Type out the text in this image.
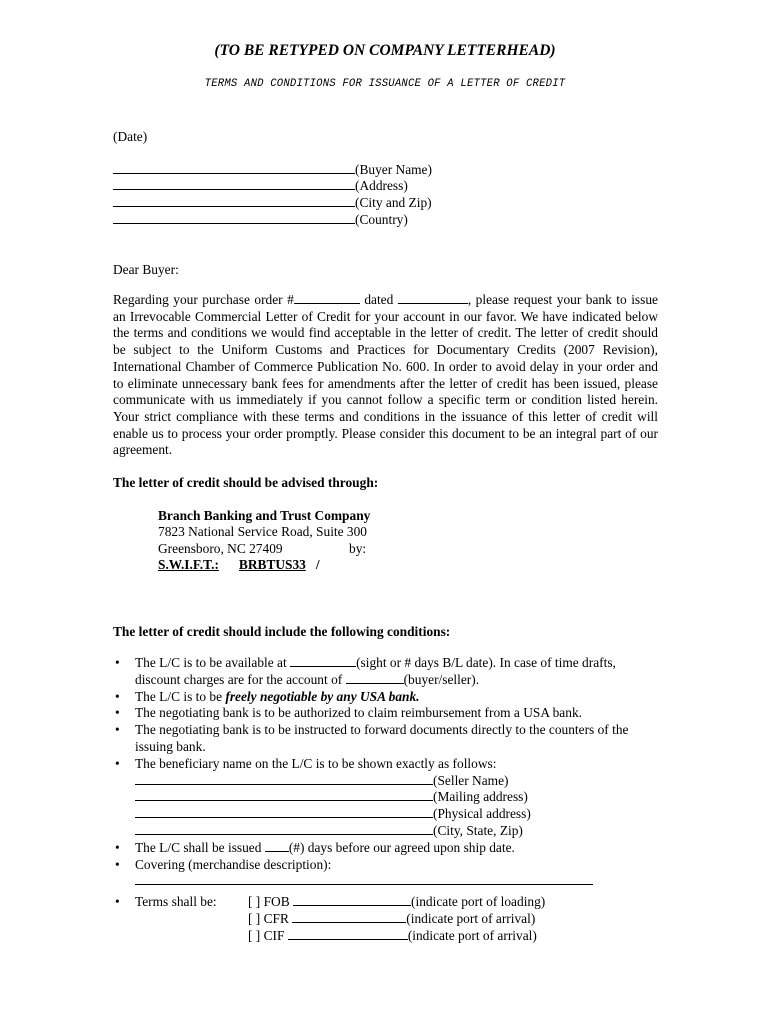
(TO BE RETYPED ON COMPANY LETTERHEAD)
TERMS AND CONDITIONS FOR ISSUANCE OF A LETTER OF CREDIT
(Date)
(Buyer Name)
(Address)
(City and Zip)
(Country)
Dear Buyer:
Regarding your purchase order #	dated	, please request your bank to issue an Irrevocable Commercial Letter of Credit for your account in our favor. We have indicated below the terms and conditions we would find acceptable in the letter of credit. The letter of credit should be subject to the Uniform Customs and Practices for Documentary Credits (2007 Revision), International Chamber of Commerce Publication No. 600. In order to avoid delay in your order and to eliminate unnecessary bank fees for amendments after the letter of credit has been issued, please communicate with us immediately if you cannot follow a specific term or condition listed herein. Your strict compliance with these terms and conditions in the issuance of this letter of credit will enable us to process your order promptly. Please consider this document to be an integral part of our agreement.
The letter of credit should be advised through:
Branch Banking and Trust Company
7823 National Service Road, Suite 300
Greensboro, NC 27409	by:
S.W.I.F.T.: BRBTUS33 /
The letter of credit should include the following conditions:
• The L/C is to be available at	(sight or # days B/L date). In case of time drafts, discount charges are for the account of	(buyer/seller).
• The L/C is to be freely negotiable by any USA bank.
• The negotiating bank is to be authorized to claim reimbursement from a USA bank.
• The negotiating bank is to be instructed to forward documents directly to the counters of the issuing bank.
• The beneficiary name on the L/C is to be shown exactly as follows:
(Seller Name)
(Mailing address)
(Physical address)
(City, State, Zip)
• The L/C shall be issued (#) days before our agreed upon ship date.
• Covering (merchandise description):
• Terms shall be: [ ] FOB	(indicate port of loading)
[ ] CFR	(indicate port of arrival)
[ ] CIF	(indicate port of arrival)
